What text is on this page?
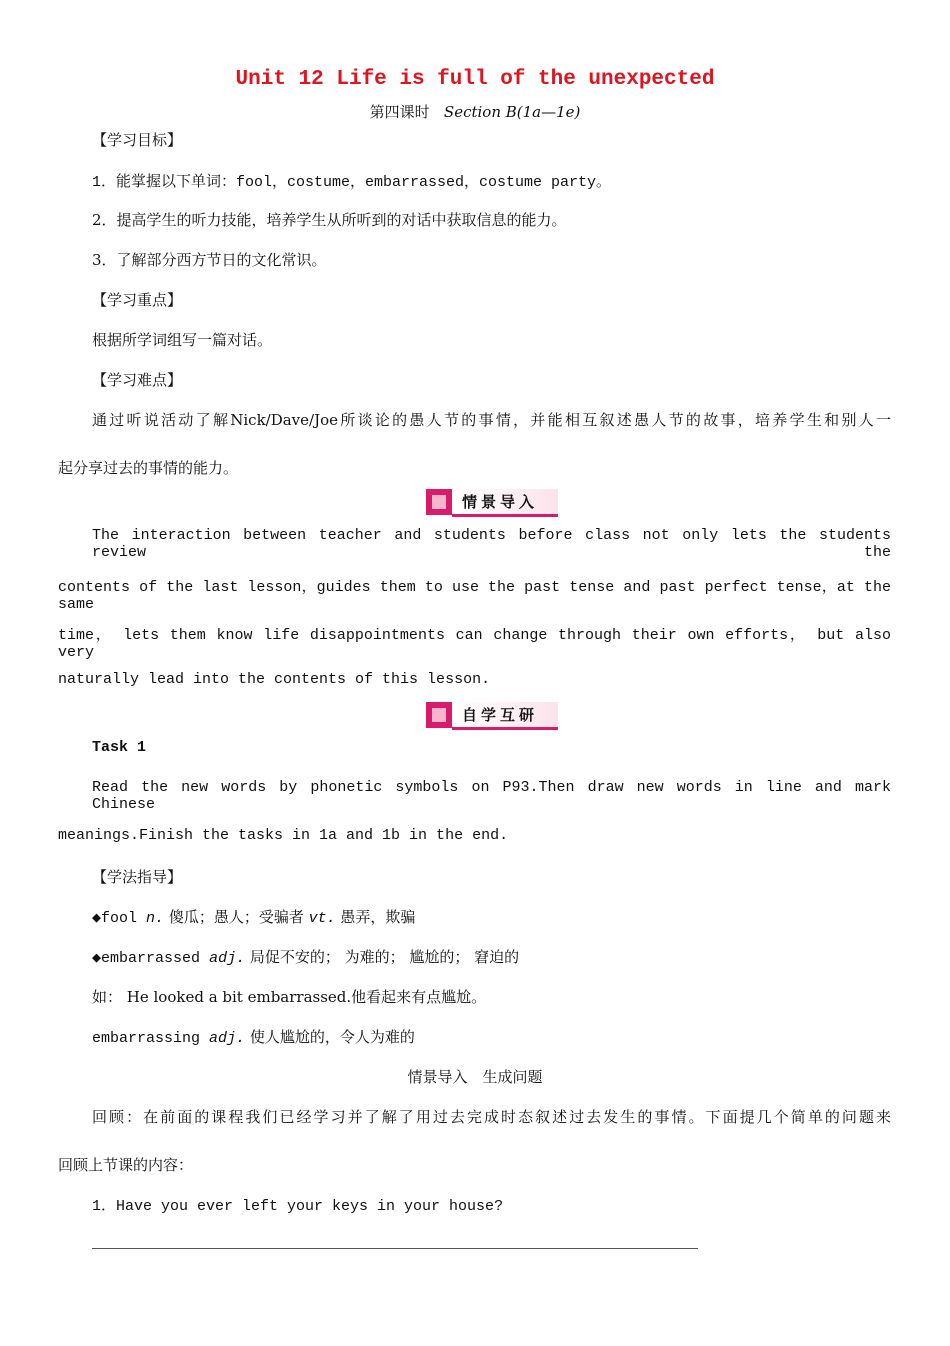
Unit 12 Life is full of the unexpected
第四课时 Section B(1a—1e)
【学习目标】
1．能掌握以下单词：fool，costume，embarrassed，costume party。
2．提高学生的听力技能，培养学生从所听到的对话中获取信息的能力。
3．了解部分西方节日的文化常识。
【学习重点】
根据所学词组写一篇对话。
【学习难点】
通过听说活动了解Nick/Dave/Joe所谈论的愚人节的事情，并能相互叙述愚人节的故事，培养学生和别人一
起分享过去的事情的能力。
情景导入
The interaction between teacher and students before class not only lets the students review the
contents of the last lesson，guides them to use the past tense and past perfect tense，at the same
time， lets them know life disappointments can change through their own efforts， but also very
naturally lead into the contents of this lesson.
自学互研
Task 1
Read the new words by phonetic symbols on P93.Then draw new words in line and mark Chinese
meanings.Finish the tasks in 1a and 1b in the end.
【学法指导】
◆fool n. 傻瓜；愚人；受骗者 vt. 愚弄，欺骗
◆embarrassed adj. 局促不安的； 为难的； 尴尬的； 窘迫的
如： He looked a bit embarrassed.他看起来有点尴尬。
embarrassing adj. 使人尴尬的，令人为难的
情景导入　生成问题
回顾：在前面的课程我们已经学习并了解了用过去完成时态叙述过去发生的事情。下面提几个简单的问题来
回顾上节课的内容：
1．Have you ever left your keys in your house?
